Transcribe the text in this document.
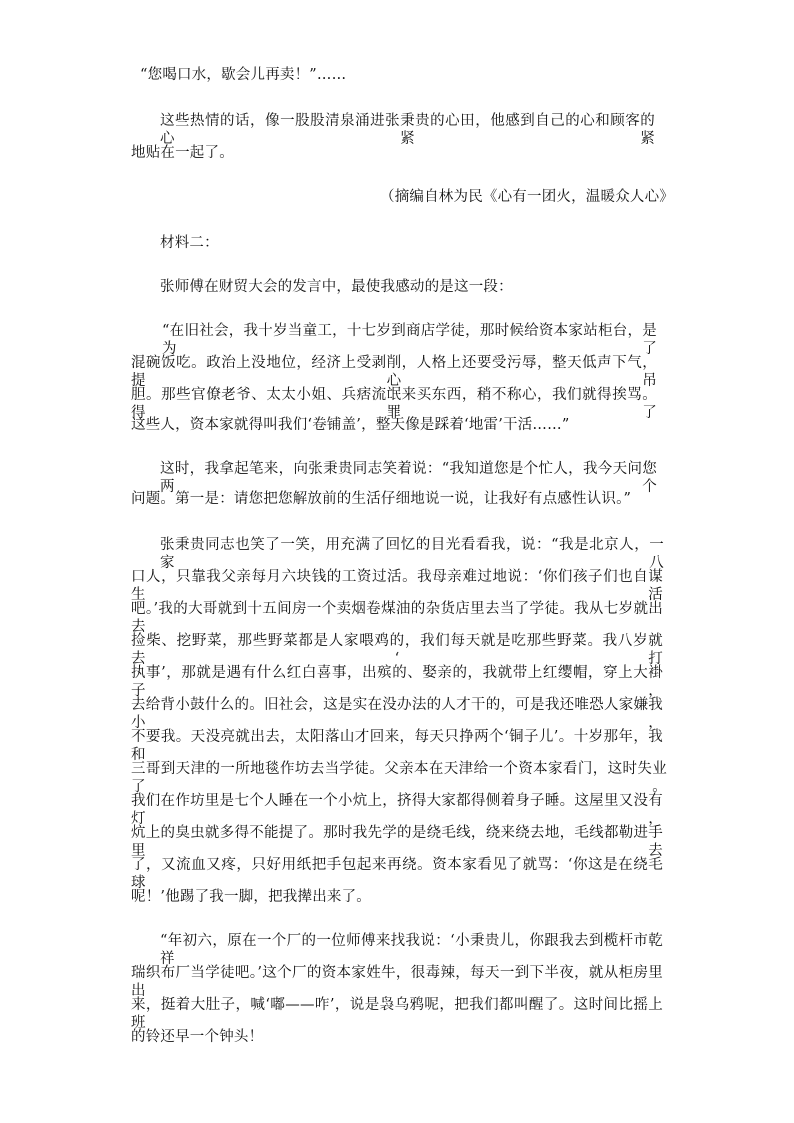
“您喝口水，歇会儿再卖！”……
这些热情的话，像一股股清泉涌进张秉贵的心田，他感到自己的心和顾客的心紧紧
地贴在一起了。
（摘编自林为民《心有一团火，温暖众人心》
材料二：
张师傅在财贸大会的发言中，最使我感动的是这一段：
“在旧社会，我十岁当童工，十七岁到商店学徒，那时候给资本家站柜台，是为了
混碗饭吃。政治上没地位，经济上受剥削，人格上还要受污辱，整天低声下气，提心吊
胆。那些官僚老爷、太太小姐、兵痞流氓来买东西，稍不称心，我们就得挨骂。得罪了
这些人，资本家就得叫我们‘卷铺盖’，整天像是踩着‘地雷’干活……”
这时，我拿起笔来，向张秉贵同志笑着说：“我知道您是个忙人，我今天问您两个
问题。第一是：请您把您解放前的生活仔细地说一说，让我好有点感性认识。”
张秉贵同志也笑了一笑，用充满了回忆的目光看看我，说：“我是北京人，一家八
口人，只靠我父亲每月六块钱的工资过活。我母亲难过地说：‘你们孩子们也自谋生活
吧。’我的大哥就到十五间房一个卖烟卷煤油的杂货店里去当了学徒。我从七岁就出去
捡柴、挖野菜，那些野菜都是人家喂鸡的，我们每天就是吃那些野菜。我八岁就去‘打
执事’，那就是遇有什么红白喜事，出殡的、娶亲的，我就带上红缨帽，穿上大褂子，
去给背小鼓什么的。旧社会，这是实在没办法的人才干的，可是我还唯恐人家嫌我小，
不要我。天没亮就出去，太阳落山才回来，每天只挣两个‘铜子儿’。十岁那年，我和
三哥到天津的一所地毯作坊去当学徒。父亲本在天津给一个资本家看门，这时失业了。
我们在作坊里是七个人睡在一个小炕上，挤得大家都得侧着身子睡。这屋里又没有灯，
炕上的臭虫就多得不能提了。那时我先学的是绕毛线，绕来绕去地，毛线都勒进手里去
了，又流血又疼，只好用纸把手包起来再绕。资本家看见了就骂：‘你这是在绕毛球
呢！’他踢了我一脚，把我撵出来了。
“年初六，原在一个厂的一位师傅来找我说：‘小秉贵儿，你跟我去到榄杆市乾祥
瑞织布厂当学徒吧。’这个厂的资本家姓牛，很毒辣，每天一到下半夜，就从柜房里出
来，挺着大肚子，喊‘嘟——咋’，说是袅乌鸦呢，把我们都叫醒了。这时间比摇上班
的铃还早一个钟头！
